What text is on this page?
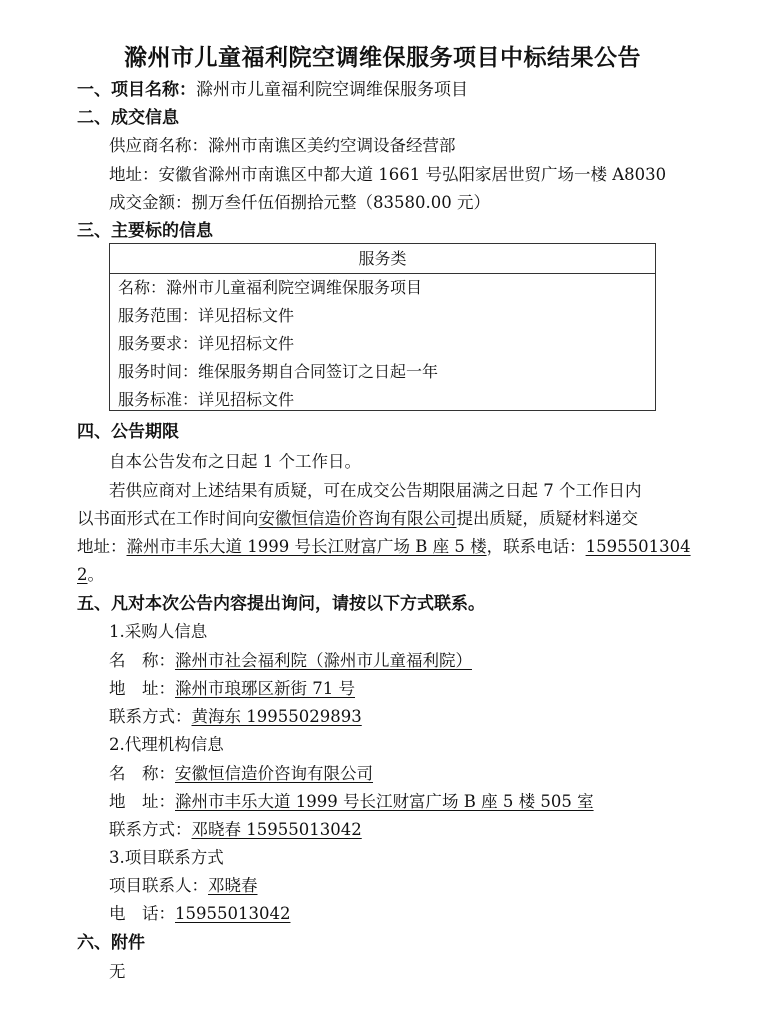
滁州市儿童福利院空调维保服务项目中标结果公告
一、项目名称：滁州市儿童福利院空调维保服务项目
二、成交信息
供应商名称：滁州市南谯区美约空调设备经营部
地址：安徽省滁州市南谯区中都大道 1661 号弘阳家居世贸广场一楼 A8030
成交金额：捌万叁仟伍佰捌拾元整（83580.00 元）
三、主要标的信息
服务类
名称：滁州市儿童福利院空调维保服务项目
服务范围：详见招标文件
服务要求：详见招标文件
服务时间：维保服务期自合同签订之日起一年
服务标准：详见招标文件
四、公告期限
自本公告发布之日起 1 个工作日。
若供应商对上述结果有质疑，可在成交公告期限届满之日起 7 个工作日内
以书面形式在工作时间向安徽恒信造价咨询有限公司提出质疑，质疑材料递交
地址：滁州市丰乐大道 1999 号长江财富广场 B 座 5 楼，联系电话：1595501304
2。
五、凡对本次公告内容提出询问，请按以下方式联系。
1.采购人信息
名　称：滁州市社会福利院（滁州市儿童福利院）
地　址：滁州市琅琊区新街 71 号
联系方式：黄海东 19955029893
2.代理机构信息
名　称：安徽恒信造价咨询有限公司
地　址：滁州市丰乐大道 1999 号长江财富广场 B 座 5 楼 505 室
联系方式：邓晓春 15955013042
3.项目联系方式
项目联系人：邓晓春
电　话：15955013042
六、附件
无
